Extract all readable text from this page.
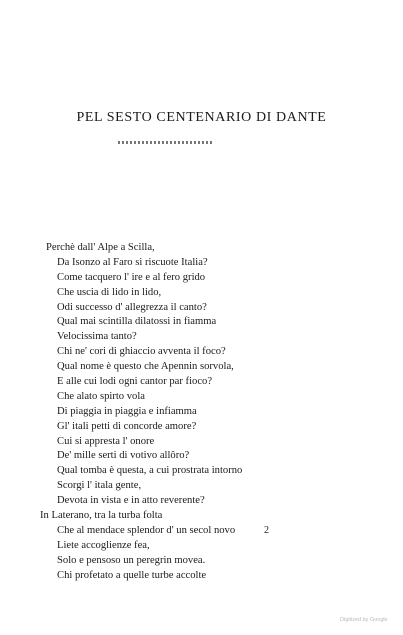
PEL SESTO CENTENARIO DI DANTE
Perchè dall' Alpe a Scilla,
Da Isonzo al Faro si riscuote Italia?
Come tacquero l' ire e al fero grido
Che uscia di lido in lido,
Odi successo d' allegrezza il canto?
Qual mai scintilla dilatossi in fiamma
Velocissima tanto?
Chi ne' cori di ghiaccio avventa il foco?
Qual nome è questo che Apennin sorvola,
E alle cui lodi ogni cantor par fioco?
Che alato spirto vola
Di piaggia in piaggia e infiamma
Gl' itali petti di concorde amore?
Cui si appresta l' onore
De' mille serti di votivo allôro?
Qual tomba è questa, a cui prostrata intorno
Scorgi l' itala gente,
Devota in vista e in atto reverente?
In Laterano, tra la turba folta
Che al mendace splendor d' un secol novo
Liete accoglienze fea,
Solo e pensoso un peregrin movea.
Chi profetato a quelle turbe accolte
2
Digitized by Google
